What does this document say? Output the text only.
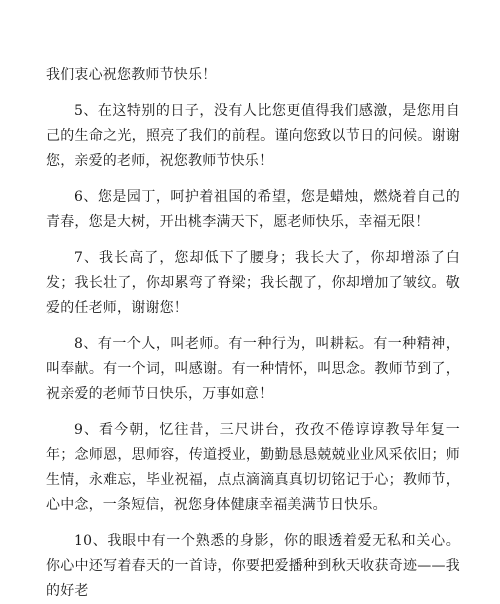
我们衷心祝您教师节快乐！

5、在这特别的日子，没有人比您更值得我们感激，是您用自己的生命之光，照亮了我们的前程。谨向您致以节日的问候。谢谢您，亲爱的老师，祝您教师节快乐！

6、您是园丁，呵护着祖国的希望，您是蜡烛，燃烧着自己的青春，您是大树，开出桃李满天下，愿老师快乐，幸福无限！

7、我长高了，您却低下了腰身；我长大了，你却增添了白发；我长壮了，你却累弯了脊梁；我长靓了，你却增加了皱纹。敬爱的任老师，谢谢您！

8、有一个人，叫老师。有一种行为，叫耕耘。有一种精神，叫奉献。有一个词，叫感谢。有一种情怀，叫思念。教师节到了，祝亲爱的老师节日快乐，万事如意！

9、看今朝，忆往昔，三尺讲台，孜孜不倦谆谆教导年复一年；念师恩，思师容，传道授业，勤勤恳恳兢兢业业风采依旧；师生情，永难忘，毕业祝福，点点滴滴真真切切铭记于心；教师节，心中念，一条短信，祝您身体健康幸福美满节日快乐。

10、我眼中有一个熟悉的身影，你的眼透着爱无私和关心。你心中还写着春天的一首诗，你要把爱播种到秋天收获奇迹——我的好老
